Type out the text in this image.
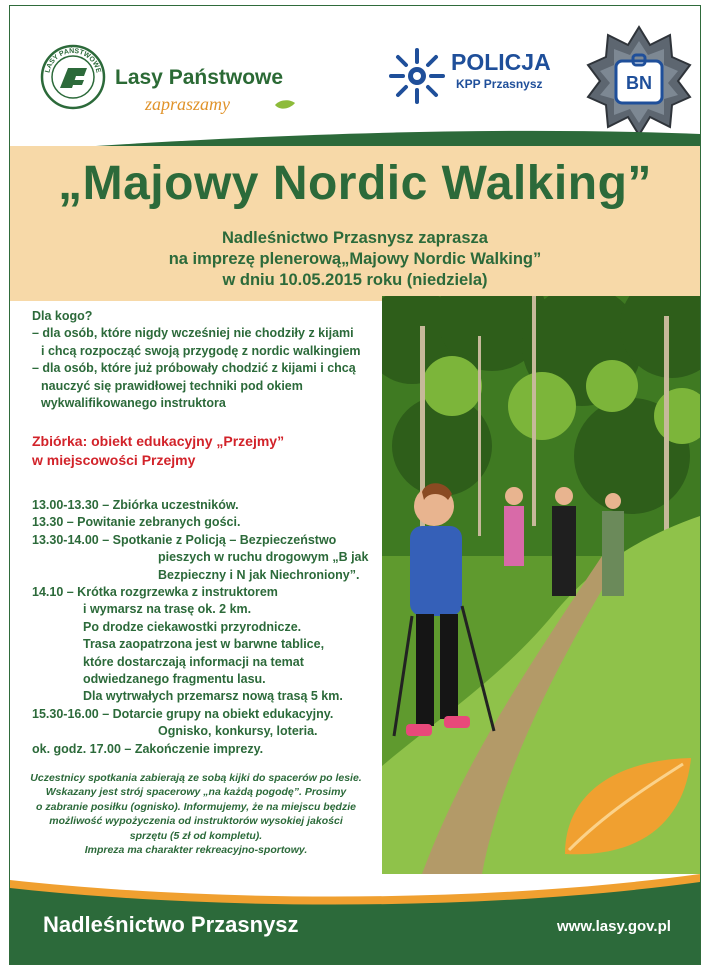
LASY PAŃSTWOWE Lasy Państwowe
zapraszamy
POLICJA
KPP Przasnysz	BN
„Majowy Nordic Walking”
Nadleśnictwo Przasnysz zaprasza
na imprezę plenerową„Majowy Nordic Walking”
w dniu 10.05.2015 roku (niedziela)
Dla kogo?
– dla osób, które nigdy wcześniej nie chodziły z kijami
i chcą rozpocząć swoją przygodę z nordic walkingiem
– dla osób, które już próbowały chodzić z kijami i chcą
nauczyć się prawidłowej techniki pod okiem
wykwalifikowanego instruktora
Zbiórka: obiekt edukacyjny „Przejmy”
w miejscowości Przejmy
13.00-13.30 – Zbiórka uczestników.
13.30 – Powitanie zebranych gości.
13.30-14.00 – Spotkanie z Policją – Bezpieczeństwo
pieszych w ruchu drogowym „B jak
Bezpieczny i N jak Niechroniony”.
14.10 – Krótka rozgrzewka z instruktorem
i wymarsz na trasę ok. 2 km.
Po drodze ciekawostki przyrodnicze.
Trasa zaopatrzona jest w barwne tablice,
które dostarczają informacji na temat
odwiedzanego fragmentu lasu.
Dla wytrwałych przemarsz nową trasą 5 km.
15.30-16.00 – Dotarcie grupy na obiekt edukacyjny.
Ognisko, konkursy, loteria.
ok. godz. 17.00 – Zakończenie imprezy.
Uczestnicy spotkania zabierają ze sobą kijki do spacerów po lesie.
Wskazany jest strój spacerowy „na każdą pogodę”. Prosimy
o zabranie posiłku (ognisko). Informujemy, że na miejscu będzie
możliwość wypożyczenia od instruktorów wysokiej jakości
sprzętu (5 zł od kompletu).
Impreza ma charakter rekreacyjno-sportowy.
Nadleśnictwo Przasnysz	www.lasy.gov.pl
